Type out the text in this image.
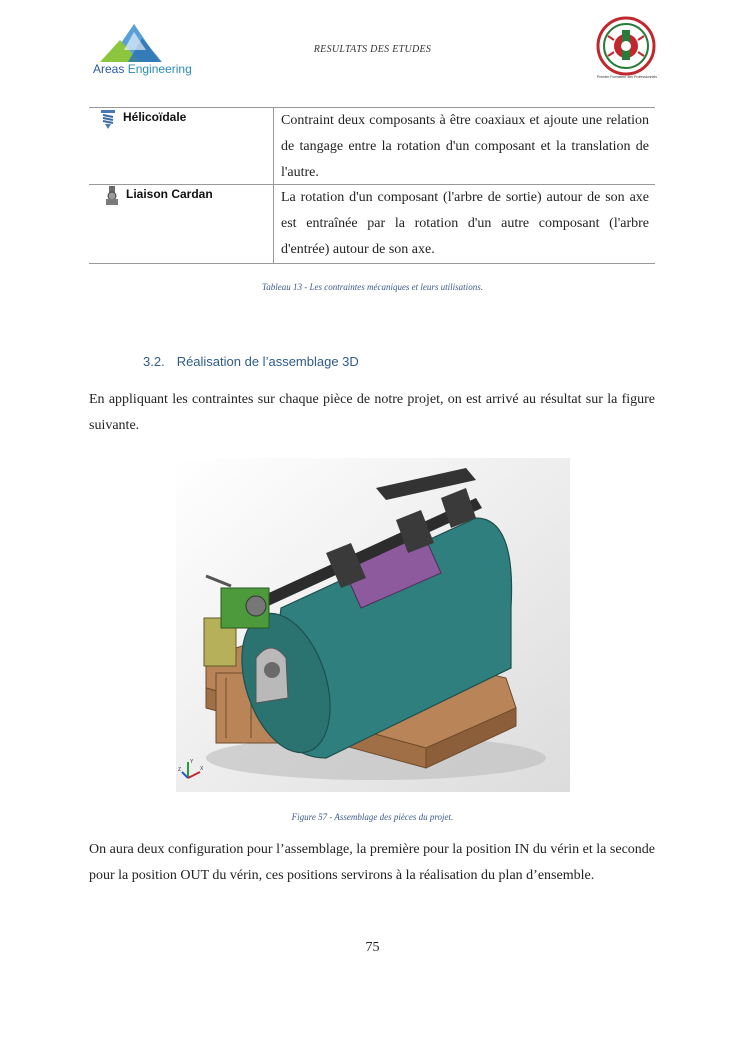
Areas Engineering
RESULTATS DES ETUDES
Premier Formateur des Professionnels
Hélicoïdale	Contraint deux composants à être coaxiaux et ajoute une relation de tangage entre la rotation d'un composant et la translation de l'autre.
Liaison Cardan	La rotation d'un composant (l'arbre de sortie) autour de son axe est entraînée par la rotation d'un autre composant (l'arbre d'entrée) autour de son axe.
Tableau 13 - Les contraintes mécaniques et leurs utilisations.
3.2. Réalisation de l’assemblage 3D
En appliquant les contraintes sur chaque pièce de notre projet, on est arrivé au résultat sur la figure suivante.
Y
X
Z
Figure 57 - Assemblage des pièces du projet.
On aura deux configuration pour l’assemblage, la première pour la position IN du vérin et la seconde pour la position OUT du vérin, ces positions servirons à la réalisation du plan d’ensemble.
75
